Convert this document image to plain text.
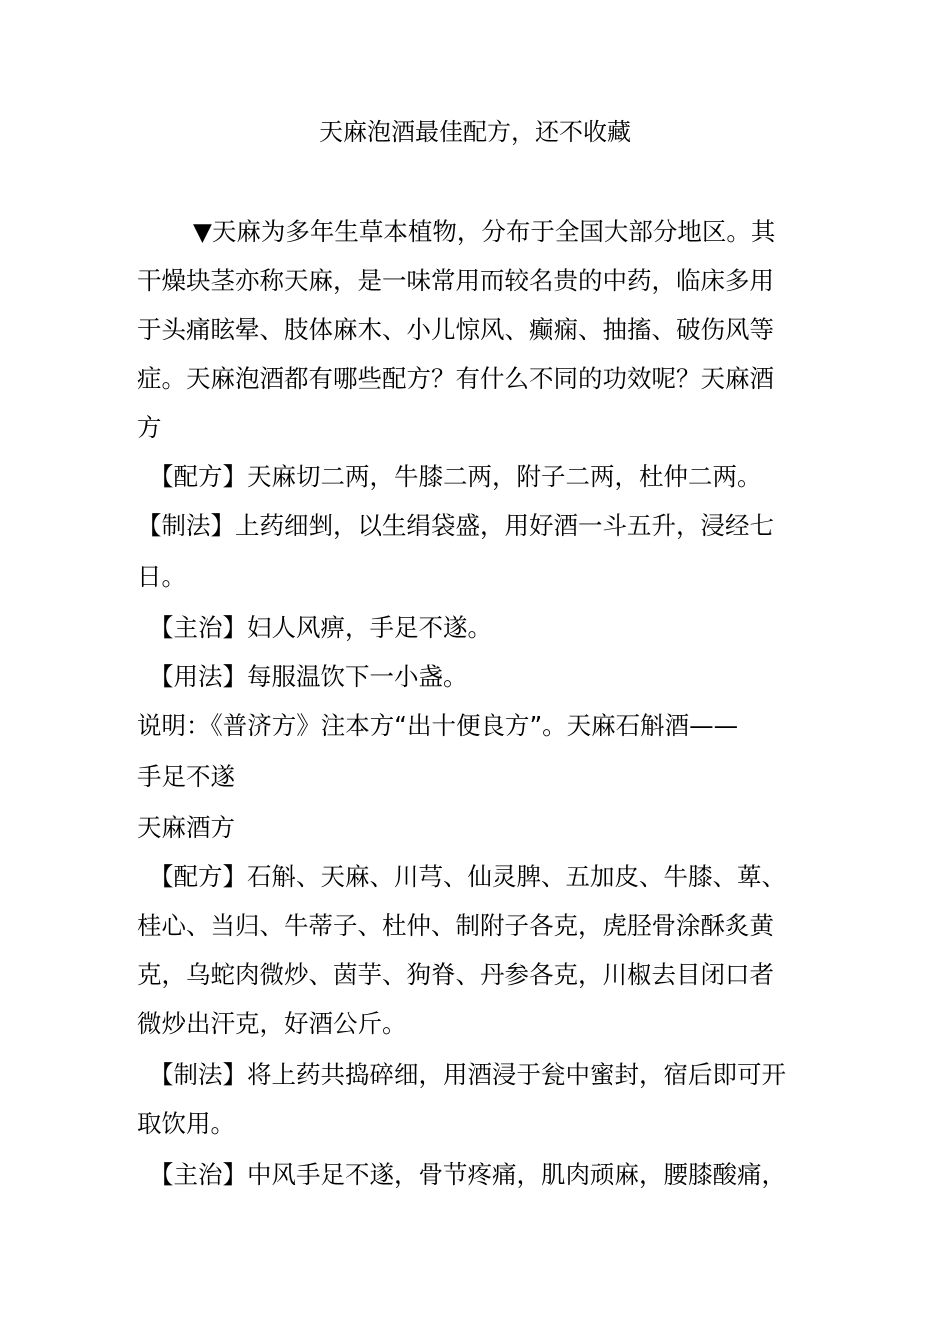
天麻泡酒最佳配方，还不收藏
▼天麻为多年生草本植物，分布于全国大部分地区。其
干燥块茎亦称天麻，是一味常用而较名贵的中药，临床多用
于头痛眩晕、肢体麻木、小儿惊风、癫痫、抽搐、破伤风等
症。天麻泡酒都有哪些配方？有什么不同的功效呢？天麻酒
方
【配方】天麻切二两，牛膝二两，附子二两，杜仲二两。
【制法】上药细剉，以生绢袋盛，用好酒一斗五升，浸经七
日。
【主治】妇人风痹，手足不遂。
【用法】每服温饮下一小盏。
说明：《普济方》注本方“出十便良方”。天麻石斛酒——
手足不遂
天麻酒方
【配方】石斛、天麻、川芎、仙灵脾、五加皮、牛膝、萆、
桂心、当归、牛蒂子、杜仲、制附子各克，虎胫骨涂酥炙黄
克，乌蛇肉微炒、茵芋、狗脊、丹参各克，川椒去目闭口者
微炒出汗克，好酒公斤。
【制法】将上药共捣碎细，用酒浸于瓮中蜜封，宿后即可开
取饮用。
【主治】中风手足不遂，骨节疼痛，肌肉顽麻，腰膝酸痛，
